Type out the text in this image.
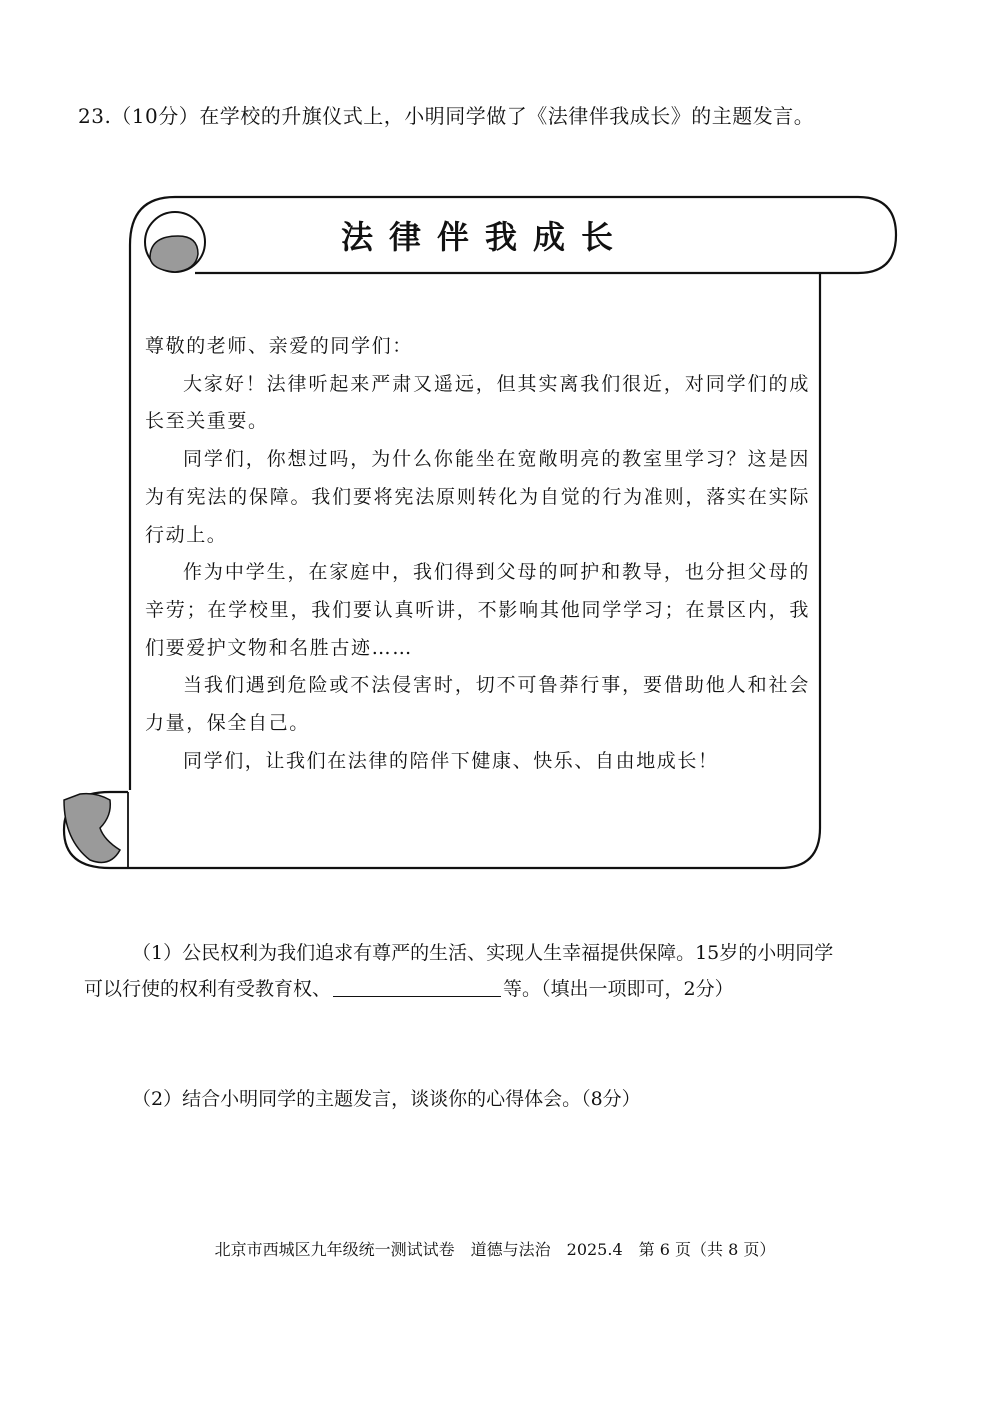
23.（10分）在学校的升旗仪式上，小明同学做了《法律伴我成长》的主题发言。
法律伴我成长

尊敬的老师、亲爱的同学们：

大家好！法律听起来严肃又遥远，但其实离我们很近，对同学们的成长至关重要。

同学们，你想过吗，为什么你能坐在宽敞明亮的教室里学习？这是因为有宪法的保障。我们要将宪法原则转化为自觉的行为准则，落实在实际行动上。

作为中学生，在家庭中，我们得到父母的呵护和教导，也分担父母的辛劳；在学校里，我们要认真听讲，不影响其他同学学习；在景区内，我们要爱护文物和名胜古迹……

当我们遇到危险或不法侵害时，切不可鲁莽行事，要借助他人和社会力量，保全自己。

同学们，让我们在法律的陪伴下健康、快乐、自由地成长！

（1）公民权利为我们追求有尊严的生活、实现人生幸福提供保障。15岁的小明同学
可以行使的权利有受教育权、	等。（填出一项即可，2分）
（2）结合小明同学的主题发言，谈谈你的心得体会。（8分）
北京市西城区九年级统一测试试卷　道德与法治　2025.4　第 6 页（共 8 页）
